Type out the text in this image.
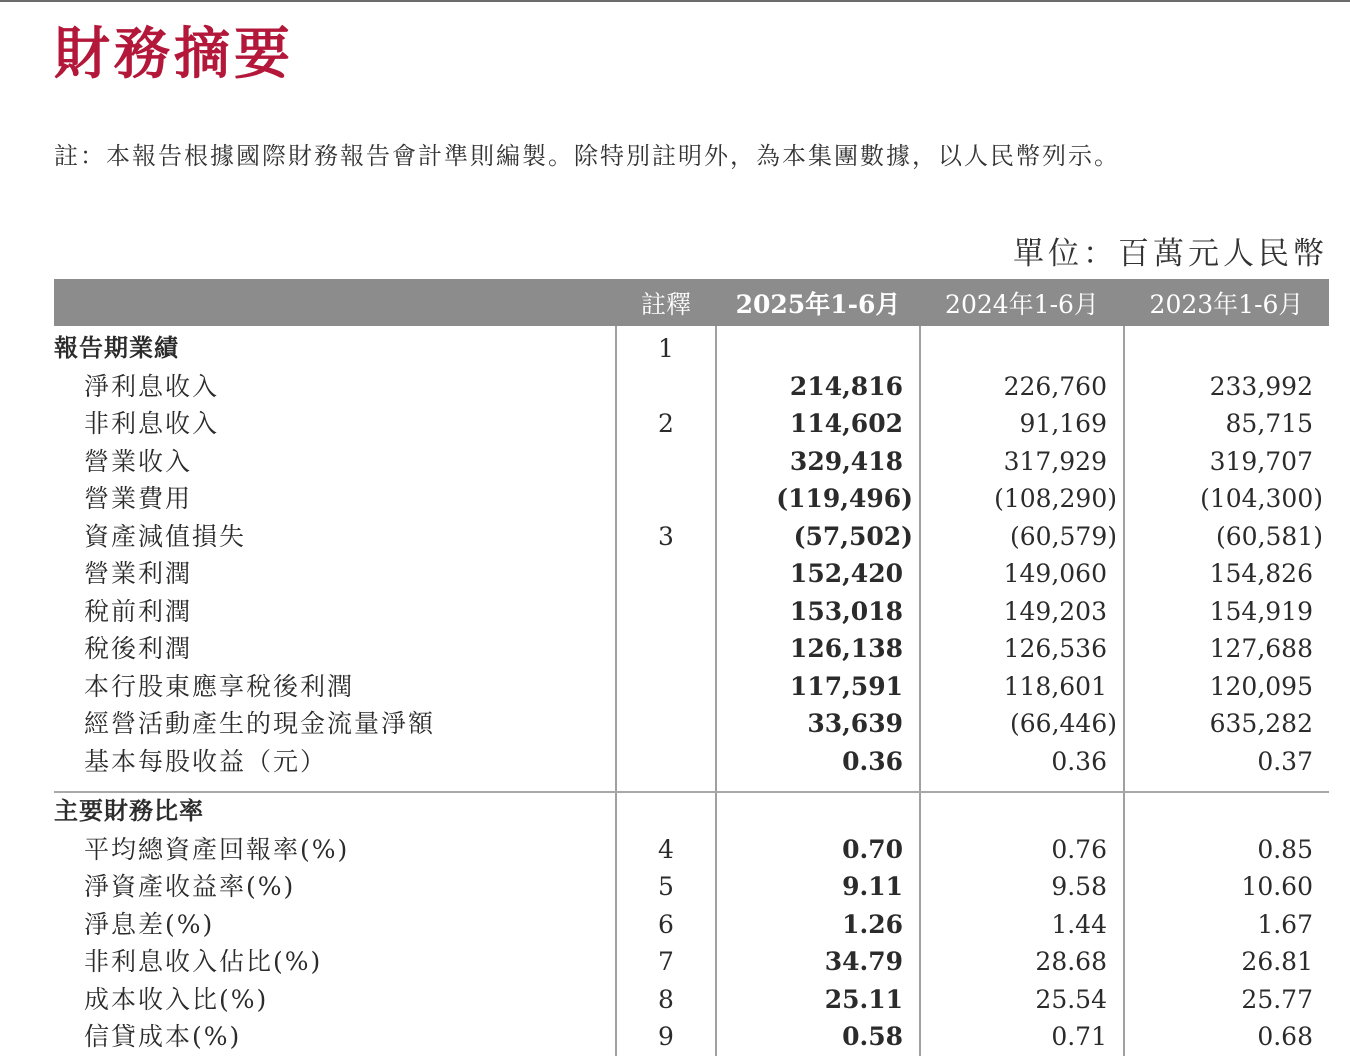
財務摘要

註：本報告根據國際財務報告會計準則編製。除特別註明外，為本集團數據，以人民幣列示。

單位：百萬元人民幣

	註釋	2025年1-6月	2024年1-6月	2023年1-6月
報告期業績	1			
淨利息收入		214,816	226,760	233,992

非利息收入	2	114,602	91,169	85,715

營業收入		329,418	317,929	319,707

營業費用		(119,496)	(108,290)	(104,300)

資產減值損失	3	(57,502)	(60,579)	(60,581)

營業利潤		152,420	149,060	154,826

稅前利潤		153,018	149,203	154,919

稅後利潤		126,138	126,536	127,688

本行股東應享稅後利潤		117,591	118,601	120,095

經營活動產生的現金流量淨額		33,639	(66,446)	635,282

基本每股收益（元）		0.36	0.36	0.37

主要財務比率				
平均總資產回報率(%)	4	0.70	0.76	0.85

淨資產收益率(%)	5	9.11	9.58	10.60

淨息差(%)	6	1.26	1.44	1.67

非利息收入佔比(%)	7	34.79	28.68	26.81

成本收入比(%)	8	25.11	25.54	25.77

信貸成本(%)	9	0.58	0.71	0.68
